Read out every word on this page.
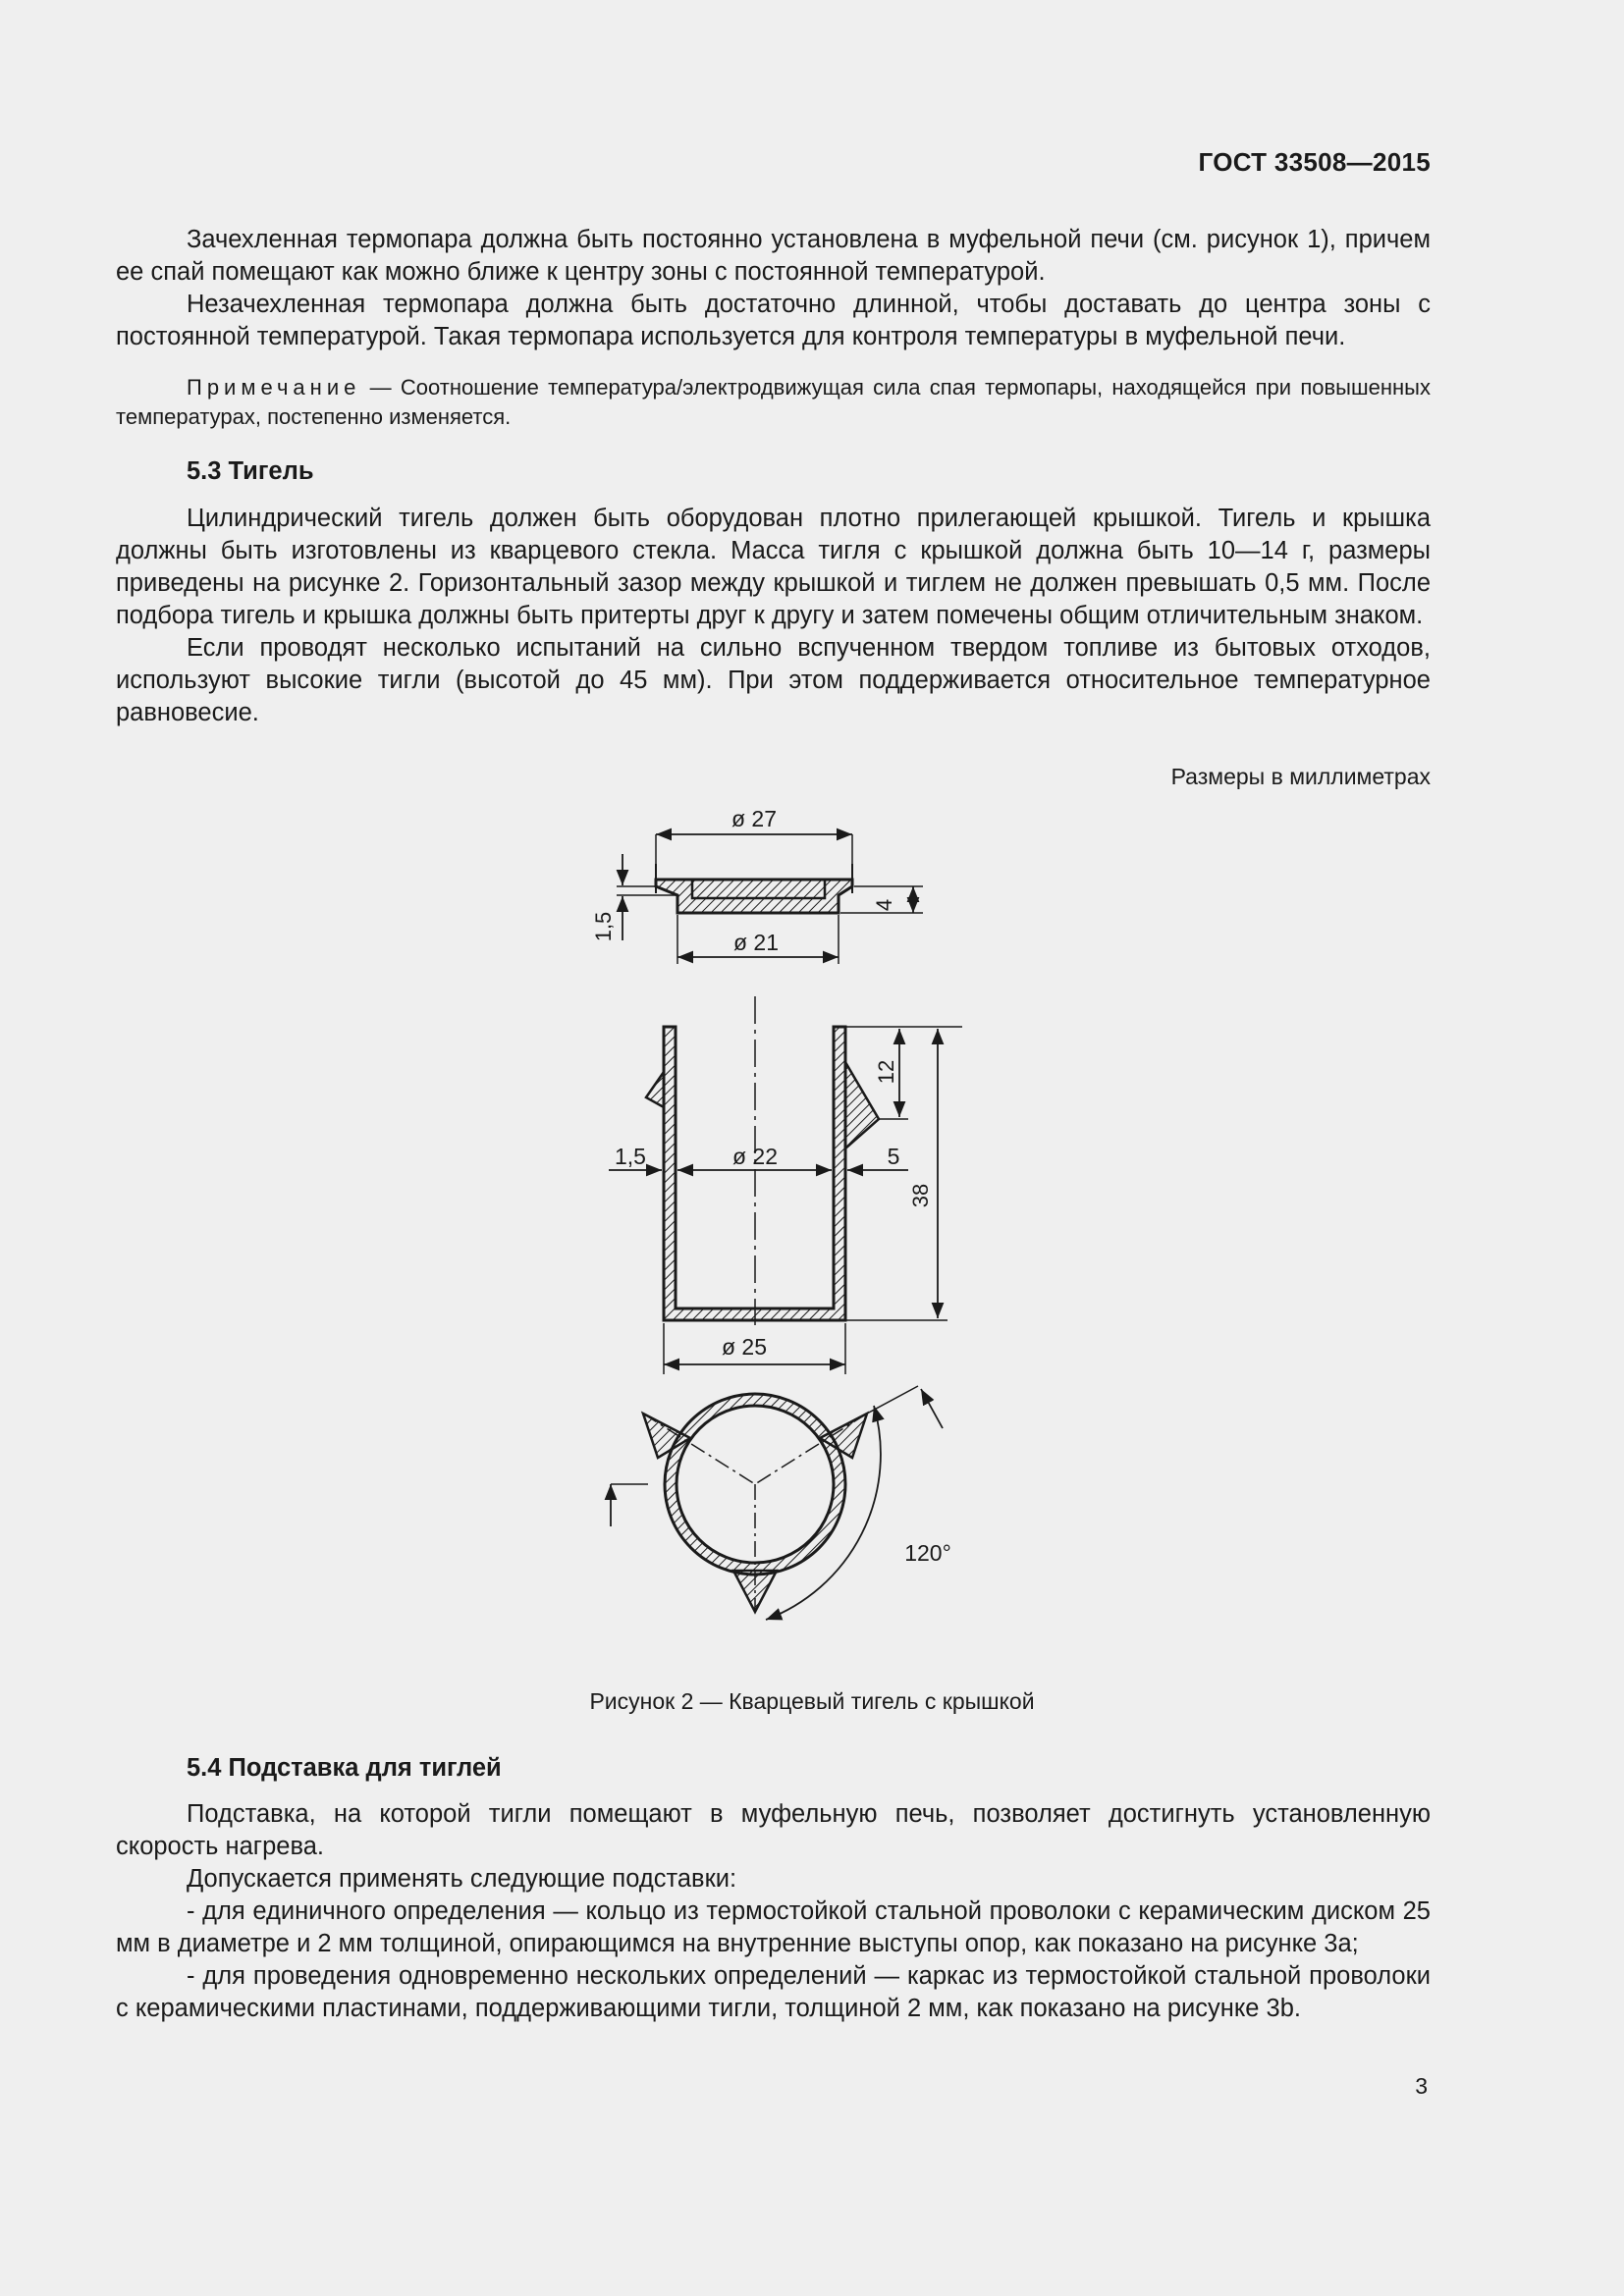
ГОСТ 33508—2015

Зачехленная термопара должна быть постоянно установлена в муфельной печи (см. рисунок 1), причем ее спай помещают как можно ближе к центру зоны с постоянной температурой.

Незачехленная термопара должна быть достаточно длинной, чтобы доставать до центра зоны с постоянной температурой. Такая термопара используется для контроля температуры в муфельной печи.

Примечание — Соотношение температура/электродвижущая сила спая термопары, находящейся при повышенных температурах, постепенно изменяется.

5.3 Тигель

Цилиндрический тигель должен быть оборудован плотно прилегающей крышкой. Тигель и крышка должны быть изготовлены из кварцевого стекла. Масса тигля с крышкой должна быть 10—14 г, размеры приведены на рисунке 2. Горизонтальный зазор между крышкой и тиглем не должен превышать 0,5 мм. После подбора тигель и крышка должны быть притерты друг к другу и затем помечены общим отличительным знаком.

Если проводят несколько испытаний на сильно вспученном твердом топливе из бытовых отходов, используют высокие тигли (высотой до 45 мм). При этом поддерживается относительное температурное равновесие.

Размеры в миллиметрах
ø 27
ø 21
1,5
4
1,5	ø 22	5
12
38
ø 25
120°
Рисунок 2 — Кварцевый тигель с крышкой
5.4 Подставка для тиглей

Подставка, на которой тигли помещают в муфельную печь, позволяет достигнуть установленную скорость нагрева.

Допускается применять следующие подставки:

- для единичного определения — кольцо из термостойкой стальной проволоки с керамическим диском 25 мм в диаметре и 2 мм толщиной, опирающимся на внутренние выступы опор, как показано на рисунке 3а;

- для проведения одновременно нескольких определений — каркас из термостойкой стальной проволоки с керамическими пластинами, поддерживающими тигли, толщиной 2 мм, как показано на рисунке 3b.

3
